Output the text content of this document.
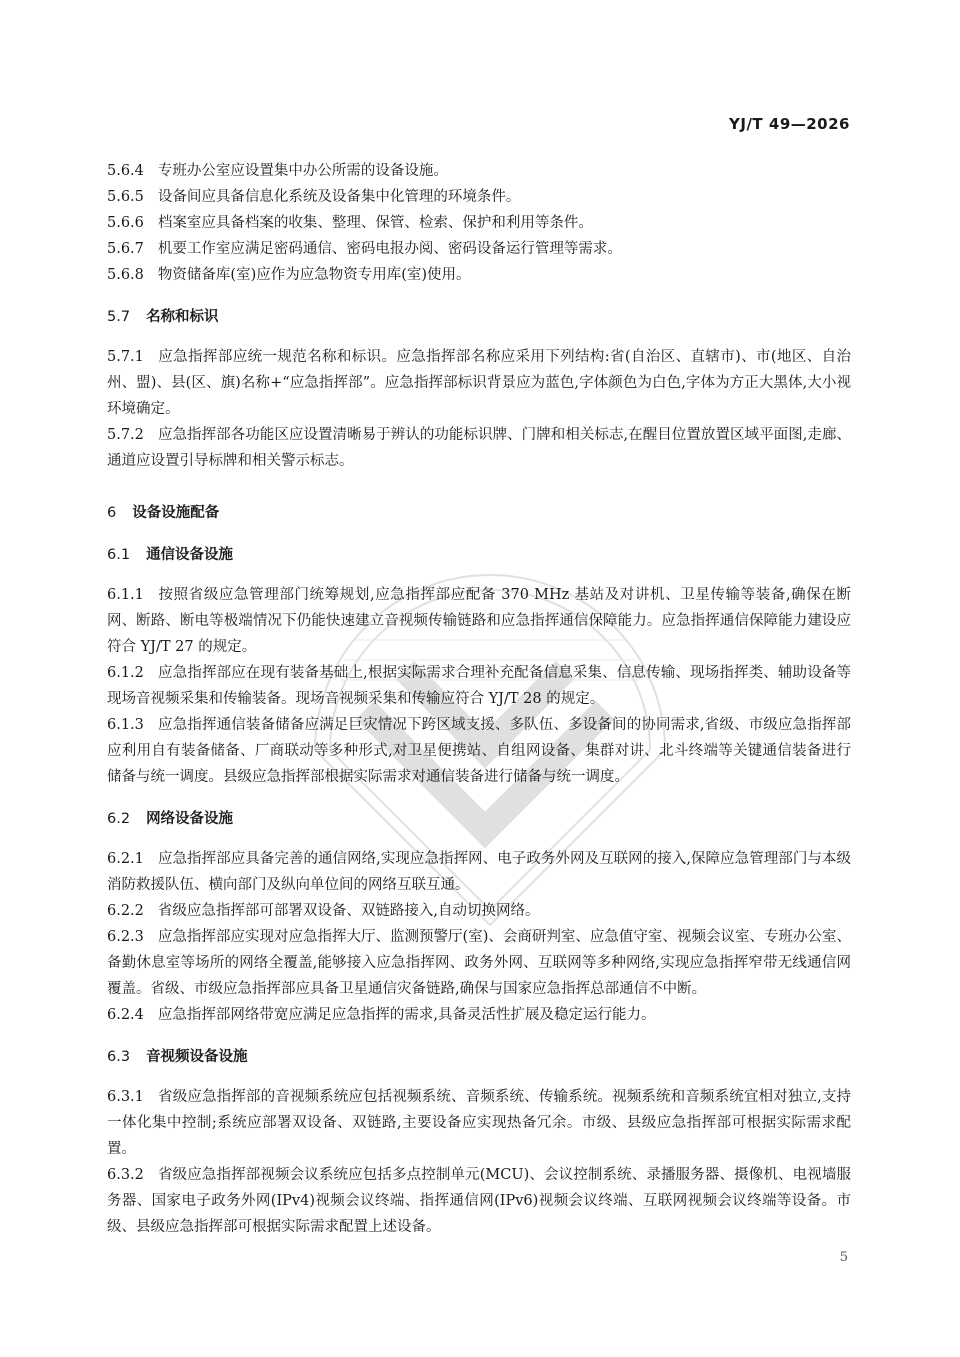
YJ/T 49—2026

5.6.4 专班办公室应设置集中办公所需的设备设施。

5.6.5 设备间应具备信息化系统及设备集中化管理的环境条件。

5.6.6 档案室应具备档案的收集、整理、保管、检索、保护和利用等条件。

5.6.7 机要工作室应满足密码通信、密码电报办阅、密码设备运行管理等需求。

5.6.8 物资储备库(室)应作为应急物资专用库(室)使用。

5.7 名称和标识

5.7.1 应急指挥部应统一规范名称和标识。应急指挥部名称应采用下列结构:省(自治区、直辖市)、市(地区、自治州、盟)、县(区、旗)名称+“应急指挥部”。应急指挥部标识背景应为蓝色,字体颜色为白色,字体为方正大黑体,大小视环境确定。

5.7.2 应急指挥部各功能区应设置清晰易于辨认的功能标识牌、门牌和相关标志,在醒目位置放置区域平面图,走廊、通道应设置引导标牌和相关警示标志。

6 设备设施配备

6.1 通信设备设施

6.1.1 按照省级应急管理部门统筹规划,应急指挥部应配备 370 MHz 基站及对讲机、卫星传输等装备,确保在断网、断路、断电等极端情况下仍能快速建立音视频传输链路和应急指挥通信保障能力。应急指挥通信保障能力建设应符合 YJ/T 27 的规定。

6.1.2 应急指挥部应在现有装备基础上,根据实际需求合理补充配备信息采集、信息传输、现场指挥类、辅助设备等现场音视频采集和传输装备。现场音视频采集和传输应符合 YJ/T 28 的规定。

6.1.3 应急指挥通信装备储备应满足巨灾情况下跨区域支援、多队伍、多设备间的协同需求,省级、市级应急指挥部应利用自有装备储备、厂商联动等多种形式,对卫星便携站、自组网设备、集群对讲、北斗终端等关键通信装备进行储备与统一调度。县级应急指挥部根据实际需求对通信装备进行储备与统一调度。

6.2 网络设备设施

6.2.1 应急指挥部应具备完善的通信网络,实现应急指挥网、电子政务外网及互联网的接入,保障应急管理部门与本级消防救援队伍、横向部门及纵向单位间的网络互联互通。

6.2.2 省级应急指挥部可部署双设备、双链路接入,自动切换网络。

6.2.3 应急指挥部应实现对应急指挥大厅、监测预警厅(室)、会商研判室、应急值守室、视频会议室、专班办公室、备勤休息室等场所的网络全覆盖,能够接入应急指挥网、政务外网、互联网等多种网络,实现应急指挥窄带无线通信网覆盖。省级、市级应急指挥部应具备卫星通信灾备链路,确保与国家应急指挥总部通信不中断。

6.2.4 应急指挥部网络带宽应满足应急指挥的需求,具备灵活性扩展及稳定运行能力。

6.3 音视频设备设施

6.3.1 省级应急指挥部的音视频系统应包括视频系统、音频系统、传输系统。视频系统和音频系统宜相对独立,支持一体化集中控制;系统应部署双设备、双链路,主要设备应实现热备冗余。市级、县级应急指挥部可根据实际需求配置。

6.3.2 省级应急指挥部视频会议系统应包括多点控制单元(MCU)、会议控制系统、录播服务器、摄像机、电视墙服务器、国家电子政务外网(IPv4)视频会议终端、指挥通信网(IPv6)视频会议终端、互联网视频会议终端等设备。市级、县级应急指挥部可根据实际需求配置上述设备。

5
